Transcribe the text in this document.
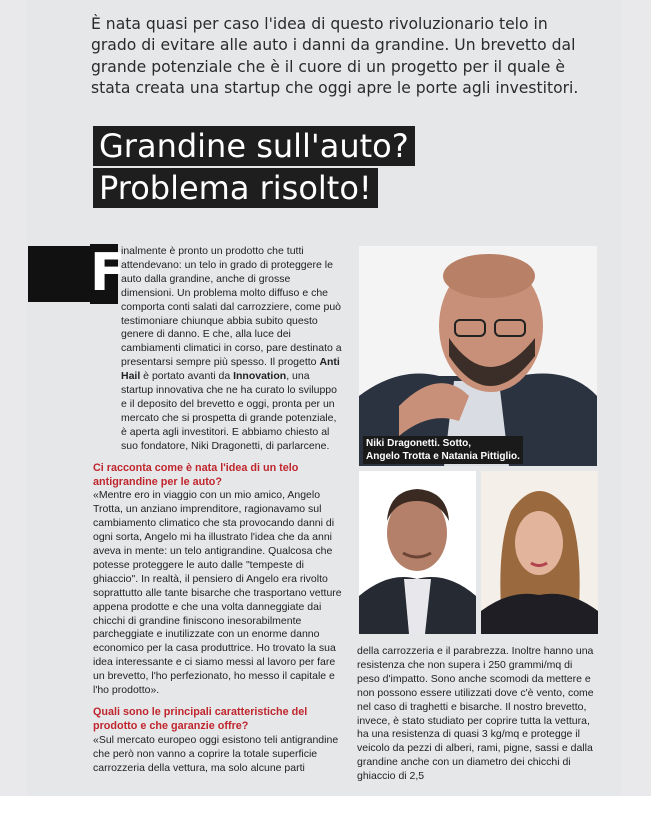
È nata quasi per caso l'idea di questo rivoluzionario telo in grado di evitare alle auto i danni da grandine. Un brevetto dal grande potenziale che è il cuore di un progetto per il quale è stata creata una startup che oggi apre le porte agli investitori.
Grandine sull'auto?
Problema risolto!
F

inalmente è pronto un prodotto che tutti attendevano: un telo in grado di proteggere le auto dalla grandine, anche di grosse dimensioni. Un problema molto diffuso e che comporta conti salati dal carrozziere, come può testimoniare chiunque abbia subito questo genere di danno. E che, alla luce dei cambiamenti climatici in corso, pare destinato a presentarsi sempre più spesso. Il progetto Anti Hail è portato avanti da Innovation, una startup innovativa che ne ha curato lo sviluppo e il deposito del brevetto e oggi, pronta per un mercato che si prospetta di grande potenziale, è aperta agli investitori. E abbiamo chiesto al suo fondatore, Niki Dragonetti, di parlarcene.

Ci racconta come è nata l'idea di un telo antigrandine per le auto?

«Mentre ero in viaggio con un mio amico, Angelo Trotta, un anziano imprenditore, ragionavamo sul cambiamento climatico che sta provocando danni di ogni sorta, Angelo mi ha illustrato l'idea che da anni aveva in mente: un telo antigrandine. Qualcosa che potesse proteggere le auto dalle "tempeste di ghiaccio". In realtà, il pensiero di Angelo era rivolto soprattutto alle tante bisarche che trasportano vetture appena prodotte e che una volta danneggiate dai chicchi di grandine finiscono inesorabilmente parcheggiate e inutilizzate con un enorme danno economico per la casa produttrice. Ho trovato la sua idea interessante e ci siamo messi al lavoro per fare un brevetto, l'ho perfezionato, ho messo il capitale e l'ho prodotto».

Quali sono le principali caratteristiche del prodotto e che garanzie offre?

«Sul mercato europeo oggi esistono teli antigrandine che però non vanno a coprire la totale superficie carrozzeria della vettura, ma solo alcune parti

Niki Dragonetti. Sotto,
Angelo Trotta e Natania Pittiglio.
della carrozzeria e il parabrezza. Inoltre hanno una resistenza che non supera i 250 grammi/mq di peso d'impatto. Sono anche scomodi da mettere e non possono essere utilizzati dove c'è vento, come nel caso di traghetti e bisarche. Il nostro brevetto, invece, è stato studiato per coprire tutta la vettura, ha una resistenza di quasi 3 kg/mq e protegge il veicolo da pezzi di alberi, rami, pigne, sassi e dalla grandine anche con un diametro dei chicchi di ghiaccio di 2,5
